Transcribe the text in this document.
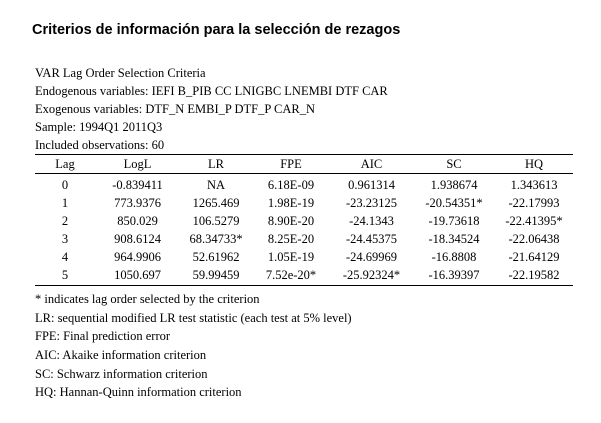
Criterios de información para la selección de rezagos
VAR Lag Order Selection Criteria
Endogenous variables: IEFI B_PIB CC LNIGBC LNEMBI DTF CAR
Exogenous variables: DTF_N EMBI_P DTF_P CAR_N
Sample: 1994Q1 2011Q3
Included observations: 60
Lag	LogL	LR	FPE	AIC	SC	HQ
0	-0.839411	NA	6.18E-09	0.961314	1.938674	1.343613
1	773.9376	1265.469	1.98E-19	-23.23125	-20.54351*	-22.17993
2	850.029	106.5279	8.90E-20	-24.1343	-19.73618	-22.41395*
3	908.6124	68.34733*	8.25E-20	-24.45375	-18.34524	-22.06438
4	964.9906	52.61962	1.05E-19	-24.69969	-16.8808	-21.64129
5	1050.697	59.99459	7.52e-20*	-25.92324*	-16.39397	-22.19582
* indicates lag order selected by the criterion
LR: sequential modified LR test statistic (each test at 5% level)
FPE: Final prediction error
AIC: Akaike information criterion
SC: Schwarz information criterion
HQ: Hannan-Quinn information criterion
